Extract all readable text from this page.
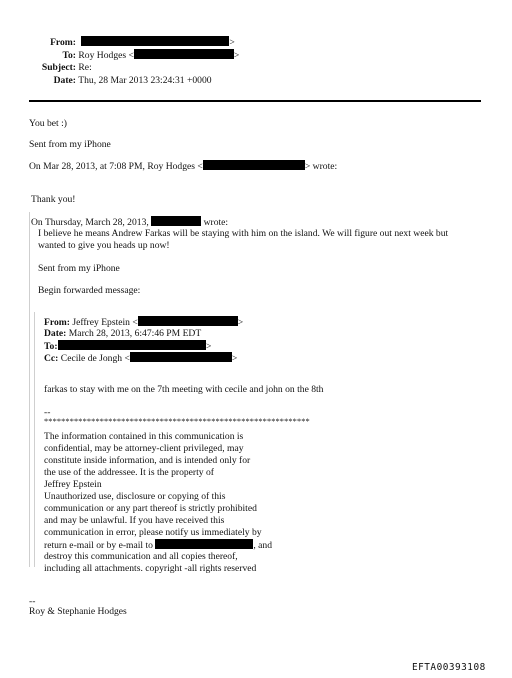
From:	>
To: Roy Hodges <	>
Subject: Re:
Date: Thu, 28 Mar 2013 23:24:31 +0000
You bet :)
Sent from my iPhone
On Mar 28, 2013, at 7:08 PM, Roy Hodges <	> wrote:
Thank you!
On Thursday, March 28, 2013,	wrote:
I believe he means Andrew Farkas will be staying with him on the island. We will figure out next week but
wanted to give you heads up now!
Sent from my iPhone
Begin forwarded message:
From: Jeffrey Epstein <	>
Date: March 28, 2013, 6:47:46 PM EDT
To:	>
Cc: Cecile de Jongh <	>
farkas to stay with me on the 7th meeting with cecile and john on the 8th
--
**************************************************************
The information contained in this communication is
confidential, may be attorney-client privileged, may
constitute inside information, and is intended only for
the use of the addressee. It is the property of
Jeffrey Epstein
Unauthorized use, disclosure or copying of this
communication or any part thereof is strictly prohibited
and may be unlawful. If you have received this
communication in error, please notify us immediately by
return e-mail or by e-mail to	, and
destroy this communication and all copies thereof,
including all attachments. copyright -all rights reserved
--
Roy & Stephanie Hodges
EFTA00393108
